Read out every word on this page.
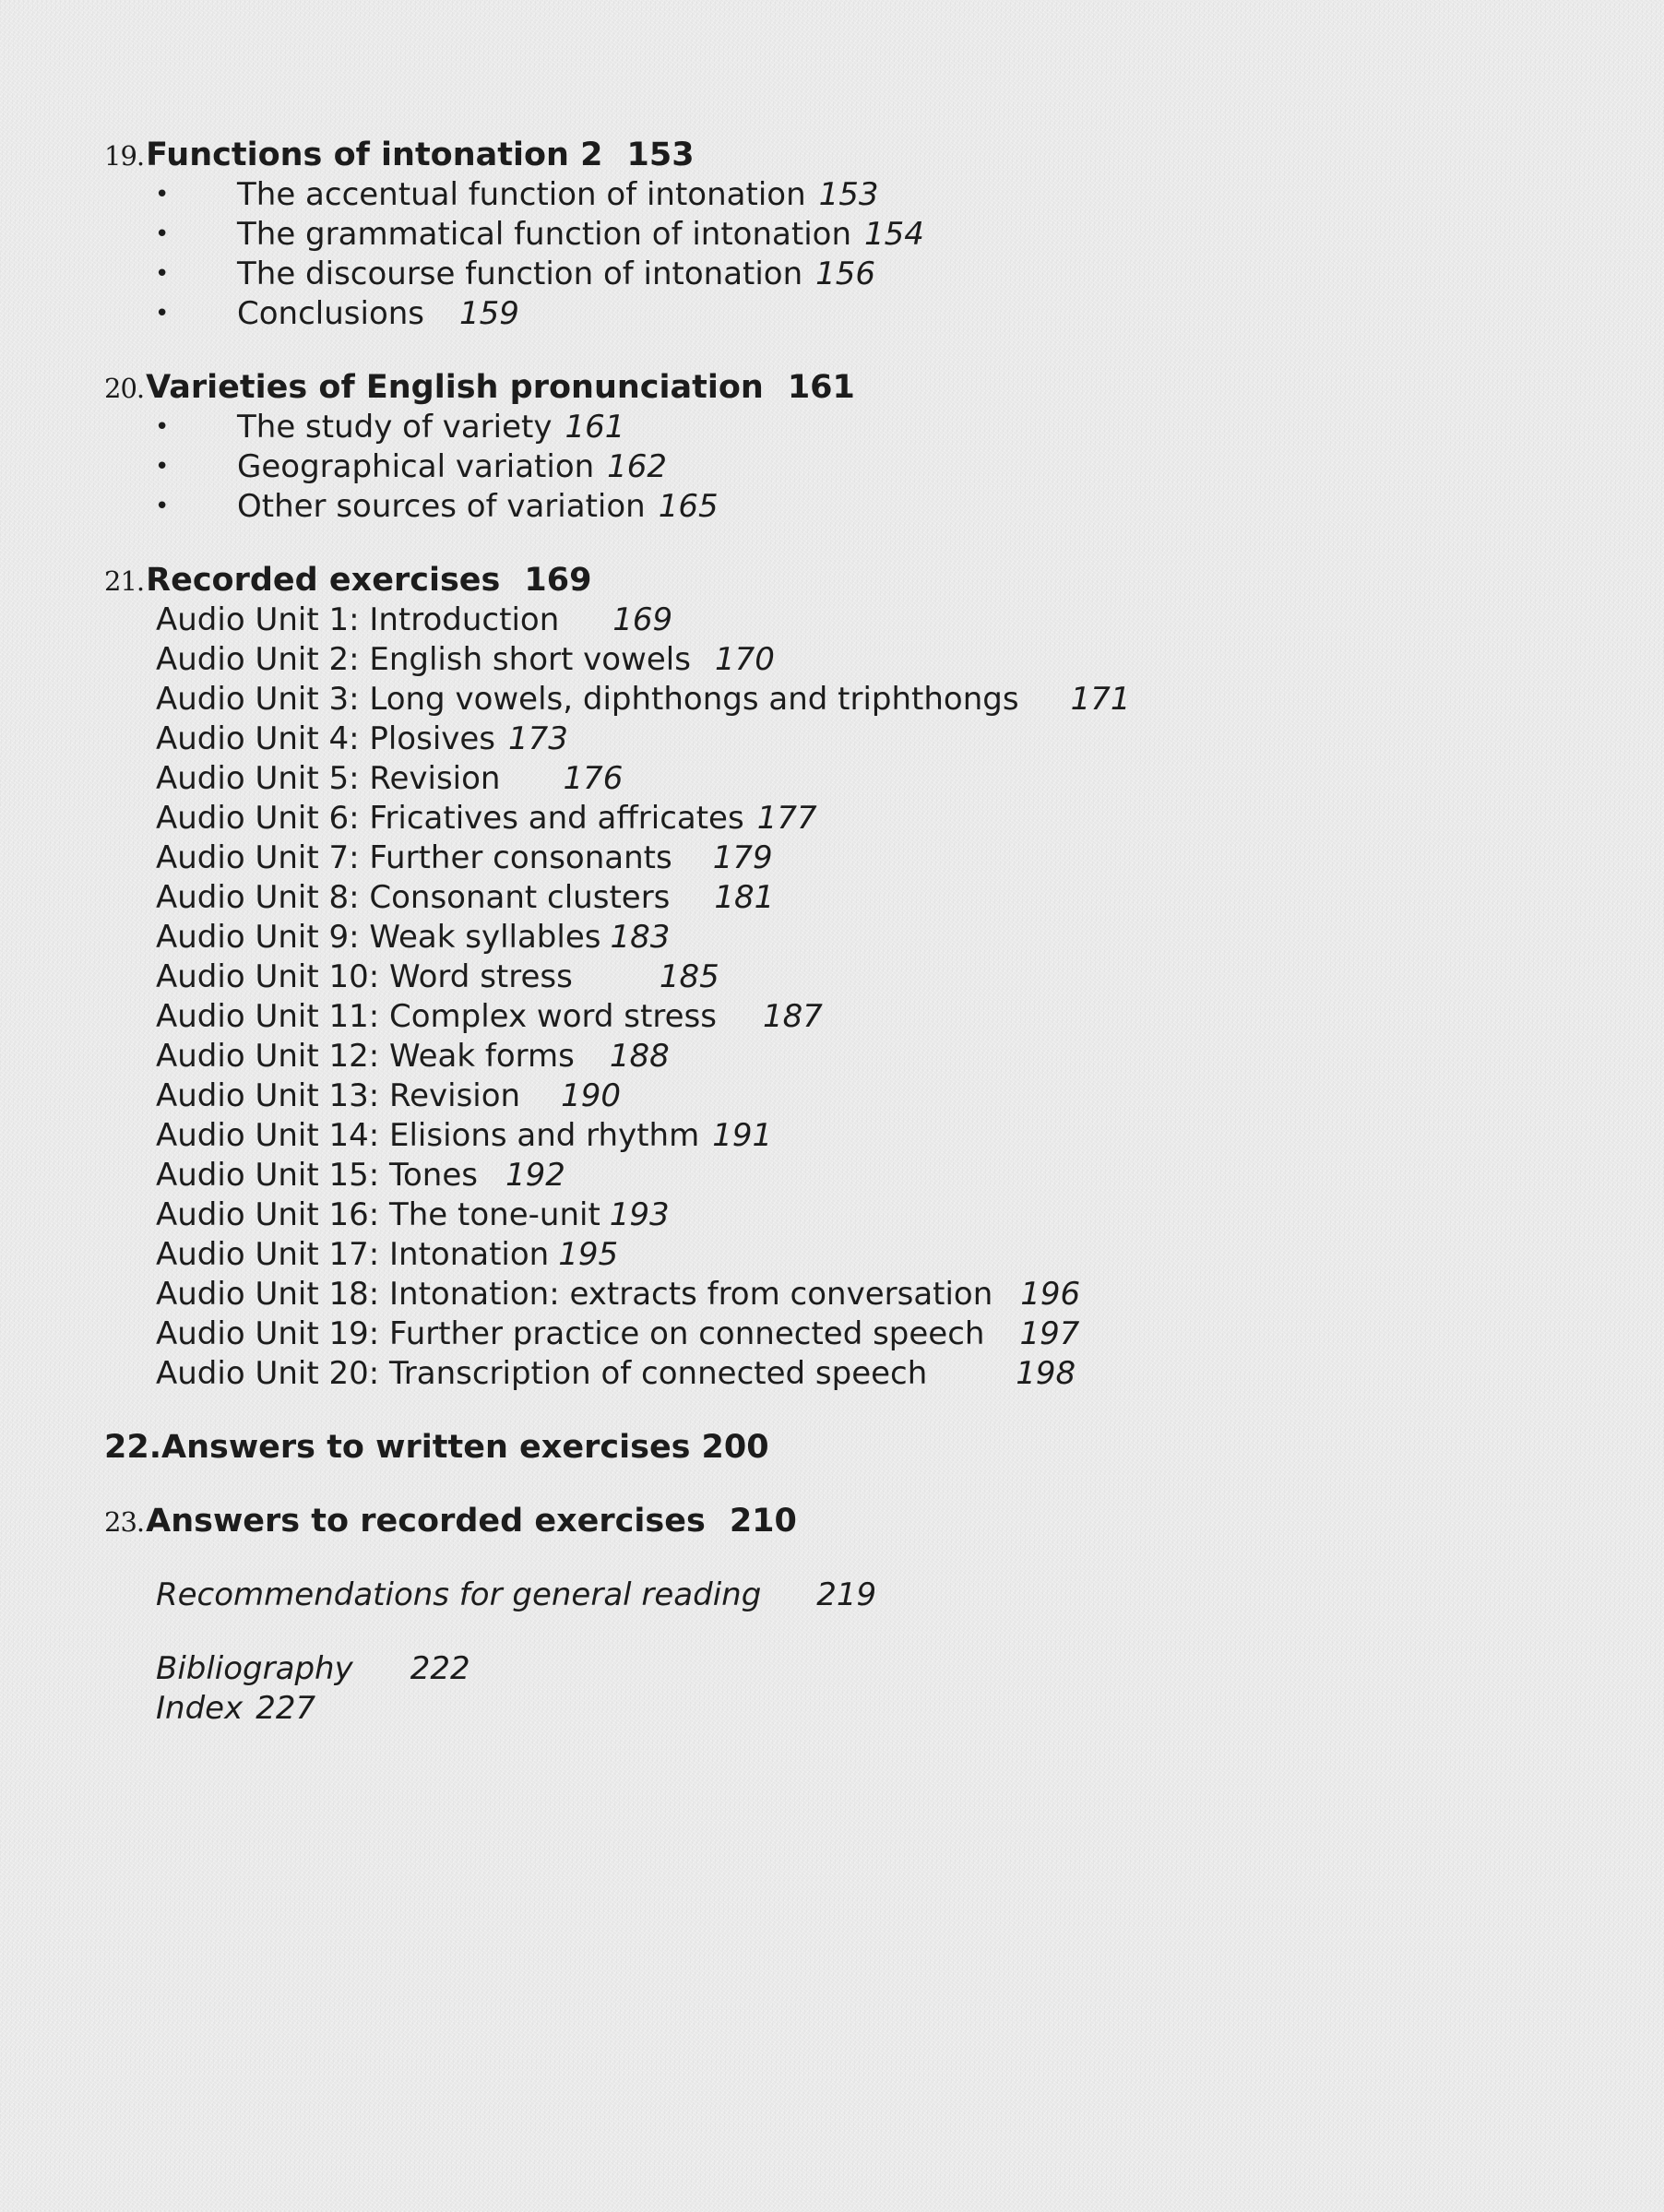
19.Functions of intonation 2 153
• The accentual function of intonation 153
• The grammatical function of intonation 154
• The discourse function of intonation 156
• Conclusions 159
20.Varieties of English pronunciation 161
• The study of variety 161
• Geographical variation 162
• Other sources of variation 165
21.Recorded exercises 169
Audio Unit 1: Introduction 169
Audio Unit 2: English short vowels 170
Audio Unit 3: Long vowels, diphthongs and triphthongs 171
Audio Unit 4: Plosives 173
Audio Unit 5: Revision 176
Audio Unit 6: Fricatives and affricates 177
Audio Unit 7: Further consonants 179
Audio Unit 8: Consonant clusters 181
Audio Unit 9: Weak syllables 183
Audio Unit 10: Word stress	185
Audio Unit 11: Complex word stress 187
Audio Unit 12: Weak forms 188
Audio Unit 13: Revision 190
Audio Unit 14: Elisions and rhythm 191
Audio Unit 15: Tones 192
Audio Unit 16: The tone-unit 193
Audio Unit 17: Intonation 195
Audio Unit 18: Intonation: extracts from conversation 196
Audio Unit 19: Further practice on connected speech 197
Audio Unit 20: Transcription of connected speech	198
22.Answers to written exercises 200
23.Answers to recorded exercises 210
Recommendations for general reading 219
Bibliography 222
Index 227
